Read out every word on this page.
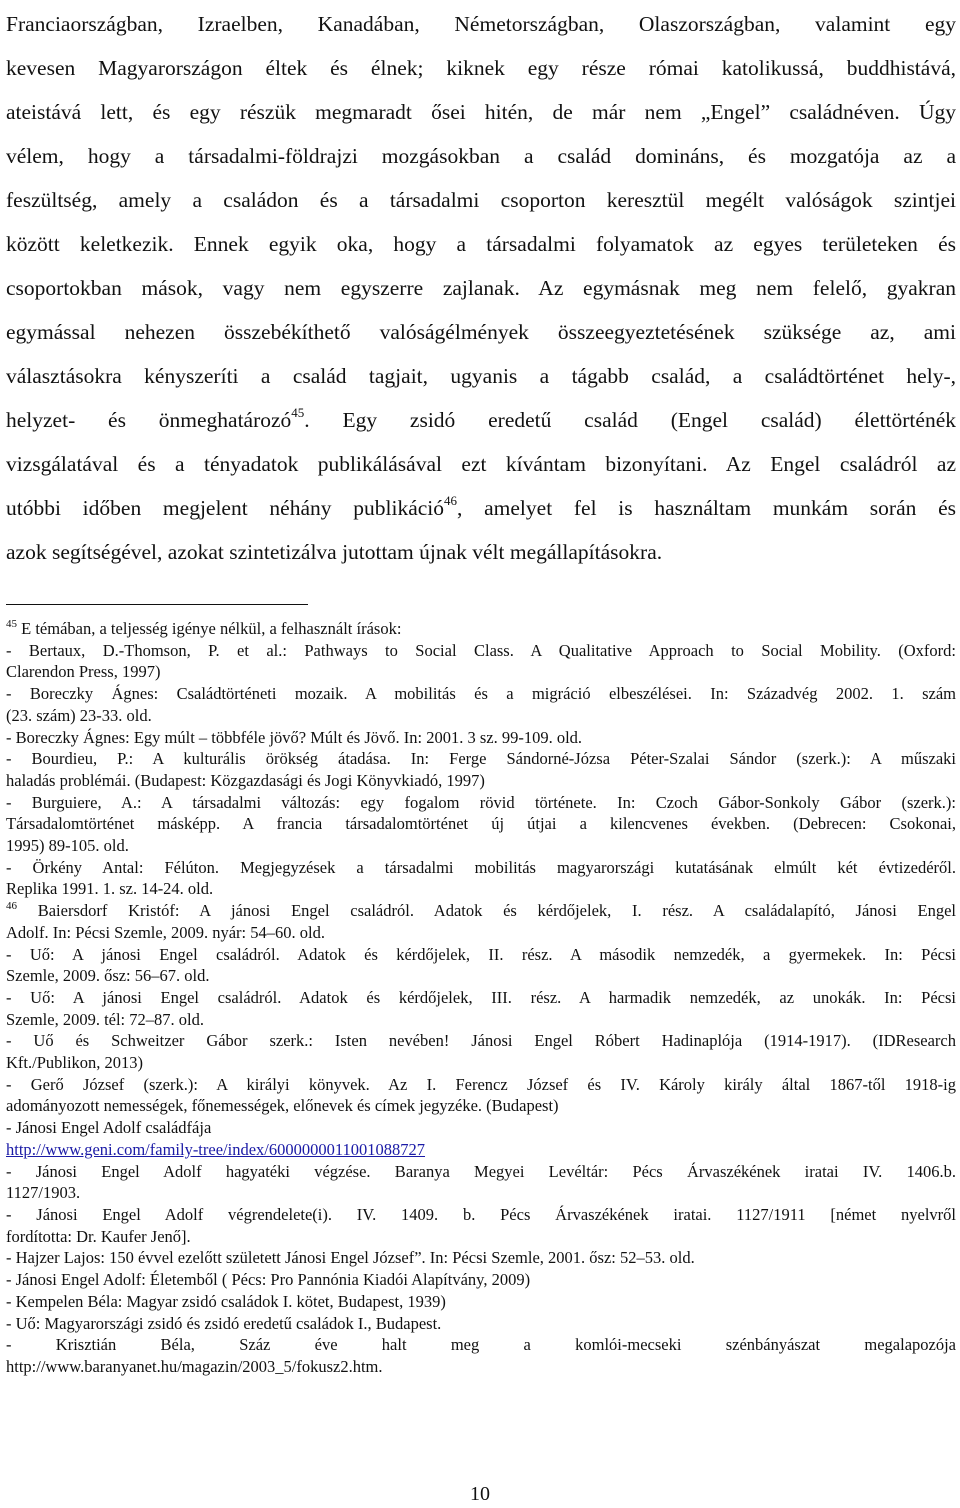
Franciaországban, Izraelben, Kanadában, Németországban, Olaszországban, valamint egy
kevesen Magyarországon éltek és élnek; kiknek egy része római katolikussá, buddhistává,
ateistává lett, és egy részük megmaradt ősei hitén, de már nem „Engel” családnéven. Úgy
vélem, hogy a társadalmi-földrajzi mozgásokban a család domináns, és mozgatója az a
feszültség, amely a családon és a társadalmi csoporton keresztül megélt valóságok szintjei
között keletkezik. Ennek egyik oka, hogy a társadalmi folyamatok az egyes területeken és
csoportokban mások, vagy nem egyszerre zajlanak. Az egymásnak meg nem felelő, gyakran
egymással nehezen összebékíthető valóságélmények összeegyeztetésének szüksége az, ami
választásokra kényszeríti a család tagjait, ugyanis a tágabb család, a családtörténet hely-,
helyzet- és önmeghatározó$^{45}$. Egy zsidó eredetű család (Engel család) élettörténék
vizsgálatával és a tényadatok publikálásával ezt kívántam bizonyítani. Az Engel családról az
utóbbi időben megjelent néhány publikáció$^{46}$, amelyet fel is használtam munkám során és
azok segítségével, azokat szintetizálva jutottam újnak vélt megállapításokra.
$^{45}$ E témában, a teljesség igénye nélkül, a felhasznált írások:
- Bertaux, D.-Thomson, P. et al.: Pathways to Social Class. A Qualitative Approach to Social Mobility. (Oxford:
Clarendon Press, 1997)
- Boreczky Ágnes: Családtörténeti mozaik. A mobilitás és a migráció elbeszélései. In: Századvég 2002. 1. szám
(23. szám) 23-33. old.
- Boreczky Ágnes: Egy múlt – többféle jövő? Múlt és Jövő. In: 2001. 3 sz. 99-109. old.
- Bourdieu, P.: A kulturális örökség átadása. In: Ferge Sándorné-Józsa Péter-Szalai Sándor (szerk.): A műszaki
haladás problémái. (Budapest: Közgazdasági és Jogi Könyvkiadó, 1997)
- Burguiere, A.: A társadalmi változás: egy fogalom rövid története. In: Czoch Gábor-Sonkoly Gábor (szerk.):
Társadalomtörténet másképp. A francia társadalomtörténet új útjai a kilencvenes években. (Debrecen: Csokonai,
1995) 89-105. old.
- Örkény Antal: Félúton. Megjegyzések a társadalmi mobilitás magyarországi kutatásának elmúlt két évtizedéről.
Replika 1991. 1. sz. 14-24. old.
$^{46}$ Baiersdorf Kristóf: A jánosi Engel családról. Adatok és kérdőjelek, I. rész. A családalapító, Jánosi Engel
Adolf. In: Pécsi Szemle, 2009. nyár: 54–60. old.
- Uő: A jánosi Engel családról. Adatok és kérdőjelek, II. rész. A második nemzedék, a gyermekek. In: Pécsi
Szemle, 2009. ősz: 56–67. old.
- Uő: A jánosi Engel családról. Adatok és kérdőjelek, III. rész. A harmadik nemzedék, az unokák. In: Pécsi
Szemle, 2009. tél: 72–87. old.
- Uő és Schweitzer Gábor szerk.: Isten nevében! Jánosi Engel Róbert Hadinaplója (1914-1917). (IDResearch
Kft./Publikon, 2013)
- Gerő József (szerk.): A királyi könyvek. Az I. Ferencz József és IV. Károly király által 1867-től 1918-ig
adományozott nemességek, főnemességek, előnevek és címek jegyzéke. (Budapest)
- Jánosi Engel Adolf családfája
http://www.geni.com/family-tree/index/6000000011001088727
- Jánosi Engel Adolf hagyatéki végzése. Baranya Megyei Levéltár: Pécs Árvaszékének iratai IV. 1406.b.
1127/1903.
- Jánosi Engel Adolf végrendelete(i). IV. 1409. b. Pécs Árvaszékének iratai. 1127/1911 [német nyelvről
fordította: Dr. Kaufer Jenő].
- Hajzer Lajos: 150 évvel ezelőtt született Jánosi Engel József”. In: Pécsi Szemle, 2001. ősz: 52–53. old.
- Jánosi Engel Adolf: Életemből ( Pécs: Pro Pannónia Kiadói Alapítvány, 2009)
- Kempelen Béla: Magyar zsidó családok I. kötet, Budapest, 1939)
- Uő: Magyarországi zsidó és zsidó eredetű családok I., Budapest.
- Krisztián Béla, Száz éve halt meg a komlói-mecseki szénbányászat megalapozója
http://www.baranyanet.hu/magazin/2003_5/fokusz2.htm.
10
